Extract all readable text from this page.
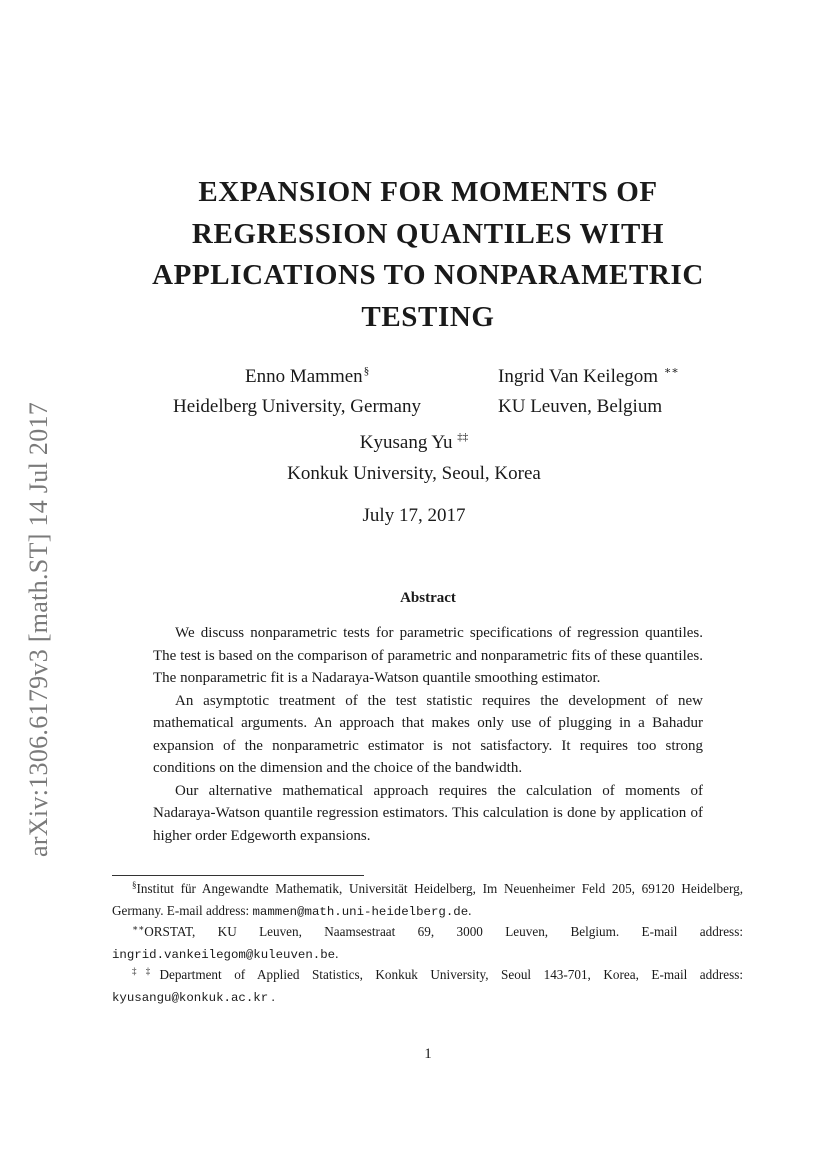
arXiv:1306.6179v3 [math.ST] 14 Jul 2017
EXPANSION FOR MOMENTS OF
REGRESSION QUANTILES WITH
APPLICATIONS TO NONPARAMETRIC
TESTING
Enno Mammen§
Heidelberg University, Germany
Ingrid Van Keilegom ∗∗
KU Leuven, Belgium
Kyusang Yu ‡‡
Konkuk University, Seoul, Korea
July 17, 2017
Abstract

We discuss nonparametric tests for parametric specifications of regression quantiles. The test is based on the comparison of parametric and nonparametric fits of these quantiles. The nonparametric fit is a Nadaraya-Watson quantile smoothing estimator.

An asymptotic treatment of the test statistic requires the development of new mathematical arguments. An approach that makes only use of plugging in a Bahadur expansion of the nonparametric estimator is not satisfactory. It requires too strong conditions on the dimension and the choice of the bandwidth.

Our alternative mathematical approach requires the calculation of moments of Nadaraya-Watson quantile regression estimators. This calculation is done by application of higher order Edgeworth expansions.

§Institut für Angewandte Mathematik, Universität Heidelberg, Im Neuenheimer Feld 205, 69120 Heidelberg, Germany. E-mail address: mammen@math.uni-heidelberg.de.

∗∗ORSTAT, KU Leuven, Naamsestraat 69, 3000 Leuven, Belgium. E-mail address: ingrid.vankeilegom@kuleuven.be.

‡‡Department of Applied Statistics, Konkuk University, Seoul 143-701, Korea, E-mail address: kyusangu@konkuk.ac.kr .

1
